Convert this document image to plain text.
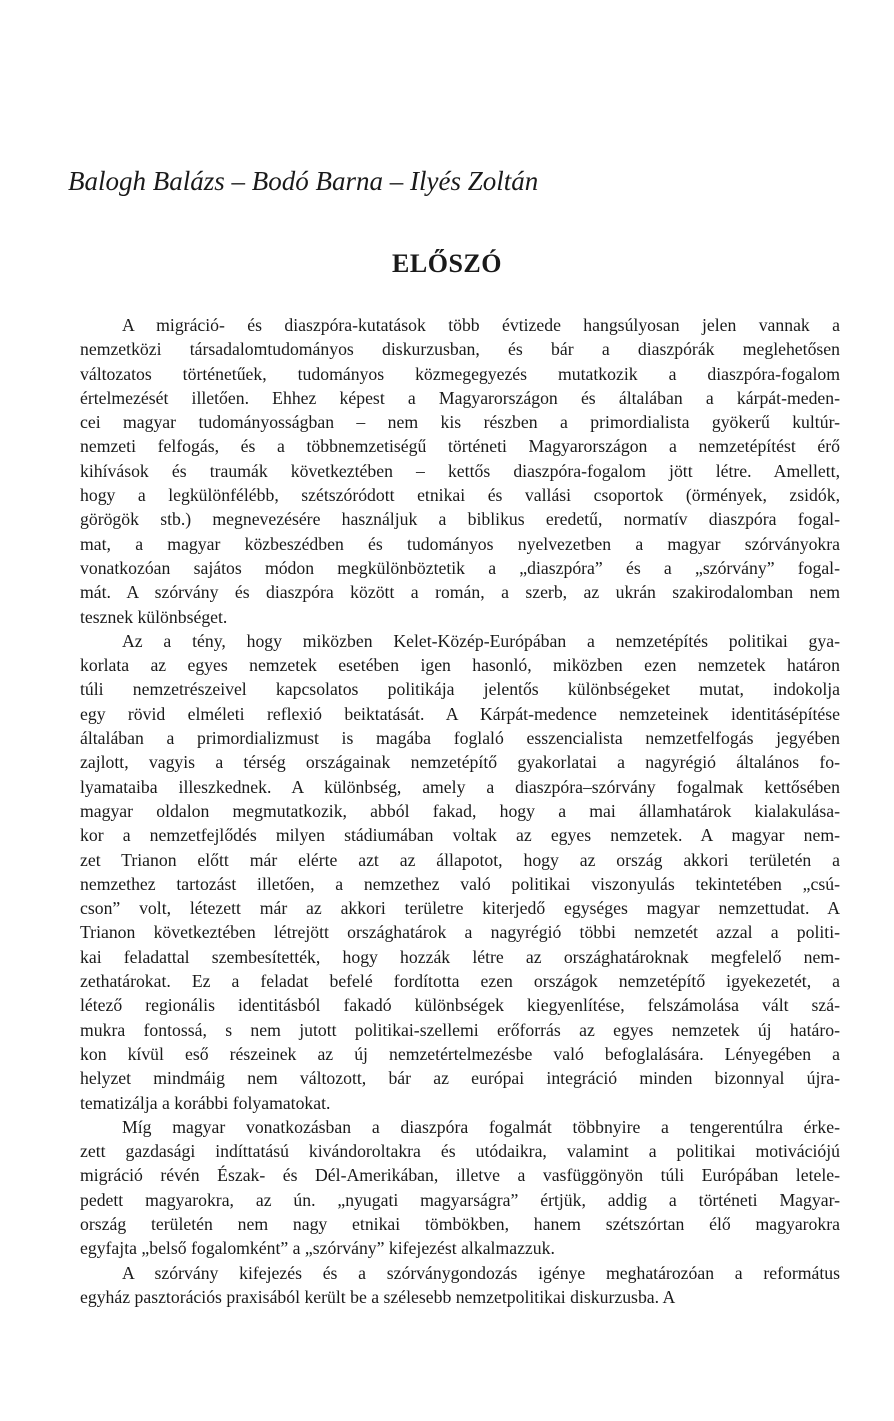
Balogh Balázs – Bodó Barna – Ilyés Zoltán
ELŐSZÓ

A migráció- és diaszpóra-kutatások több évtizede hangsúlyosan jelen vannak a
nemzetközi társadalomtudományos diskurzusban, és bár a diaszpórák meglehetősen
változatos történetűek, tudományos közmegegyezés mutatkozik a diaszpóra-fogalom
értelmezését illetően. Ehhez képest a Magyarországon és általában a kárpát-meden-
cei magyar tudományosságban – nem kis részben a primordialista gyökerű kultúr-
nemzeti felfogás, és a többnemzetiségű történeti Magyarországon a nemzetépítést érő
kihívások és traumák következtében – kettős diaszpóra-fogalom jött létre. Amellett,
hogy a legkülönfélébb, szétszóródott etnikai és vallási csoportok (örmények, zsidók,
görögök stb.) megnevezésére használjuk a biblikus eredetű, normatív diaszpóra fogal-
mat, a magyar közbeszédben és tudományos nyelvezetben a magyar szórványokra
vonatkozóan sajátos módon megkülönböztetik a „diaszpóra” és a „szórvány” fogal-
mát. A szórvány és diaszpóra között a román, a szerb, az ukrán szakirodalomban nem
tesznek különbséget.

Az a tény, hogy miközben Kelet-Közép-Európában a nemzetépítés politikai gya-
korlata az egyes nemzetek esetében igen hasonló, miközben ezen nemzetek határon
túli nemzetrészeivel kapcsolatos politikája jelentős különbségeket mutat, indokolja
egy rövid elméleti reflexió beiktatását. A Kárpát-medence nemzeteinek identitásépítése
általában a primordializmust is magába foglaló esszencialista nemzetfelfogás jegyében
zajlott, vagyis a térség országainak nemzetépítő gyakorlatai a nagyrégió általános fo-
lyamataiba illeszkednek. A különbség, amely a diaszpóra–szórvány fogalmak kettősében
magyar oldalon megmutatkozik, abból fakad, hogy a mai államhatárok kialakulása-
kor a nemzetfejlődés milyen stádiumában voltak az egyes nemzetek. A magyar nem-
zet Trianon előtt már elérte azt az állapotot, hogy az ország akkori területén a
nemzethez tartozást illetően, a nemzethez való politikai viszonyulás tekintetében „csú-
cson” volt, létezett már az akkori területre kiterjedő egységes magyar nemzettudat. A
Trianon következtében létrejött országhatárok a nagyrégió többi nemzetét azzal a politi-
kai feladattal szembesítették, hogy hozzák létre az országhatároknak megfelelő nem-
zethatárokat. Ez a feladat befelé fordította ezen országok nemzetépítő igyekezetét, a
létező regionális identitásból fakadó különbségek kiegyenlítése, felszámolása vált szá-
mukra fontossá, s nem jutott politikai-szellemi erőforrás az egyes nemzetek új határo-
kon kívül eső részeinek az új nemzetértelmezésbe való befoglalására. Lényegében a
helyzet mindmáig nem változott, bár az európai integráció minden bizonnyal újra-
tematizálja a korábbi folyamatokat.

Míg magyar vonatkozásban a diaszpóra fogalmát többnyire a tengerentúlra érke-
zett gazdasági indíttatású kivándoroltakra és utódaikra, valamint a politikai motivációjú
migráció révén Észak- és Dél-Amerikában, illetve a vasfüggönyön túli Európában letele-
pedett magyarokra, az ún. „nyugati magyarságra” értjük, addig a történeti Magyar-
ország területén nem nagy etnikai tömbökben, hanem szétszórtan élő magyarokra
egyfajta „belső fogalomként” a „szórvány” kifejezést alkalmazzuk.

A szórvány kifejezés és a szórványgondozás igénye meghatározóan a református
egyház pasztorációs praxisából került be a szélesebb nemzetpolitikai diskurzusba. A
